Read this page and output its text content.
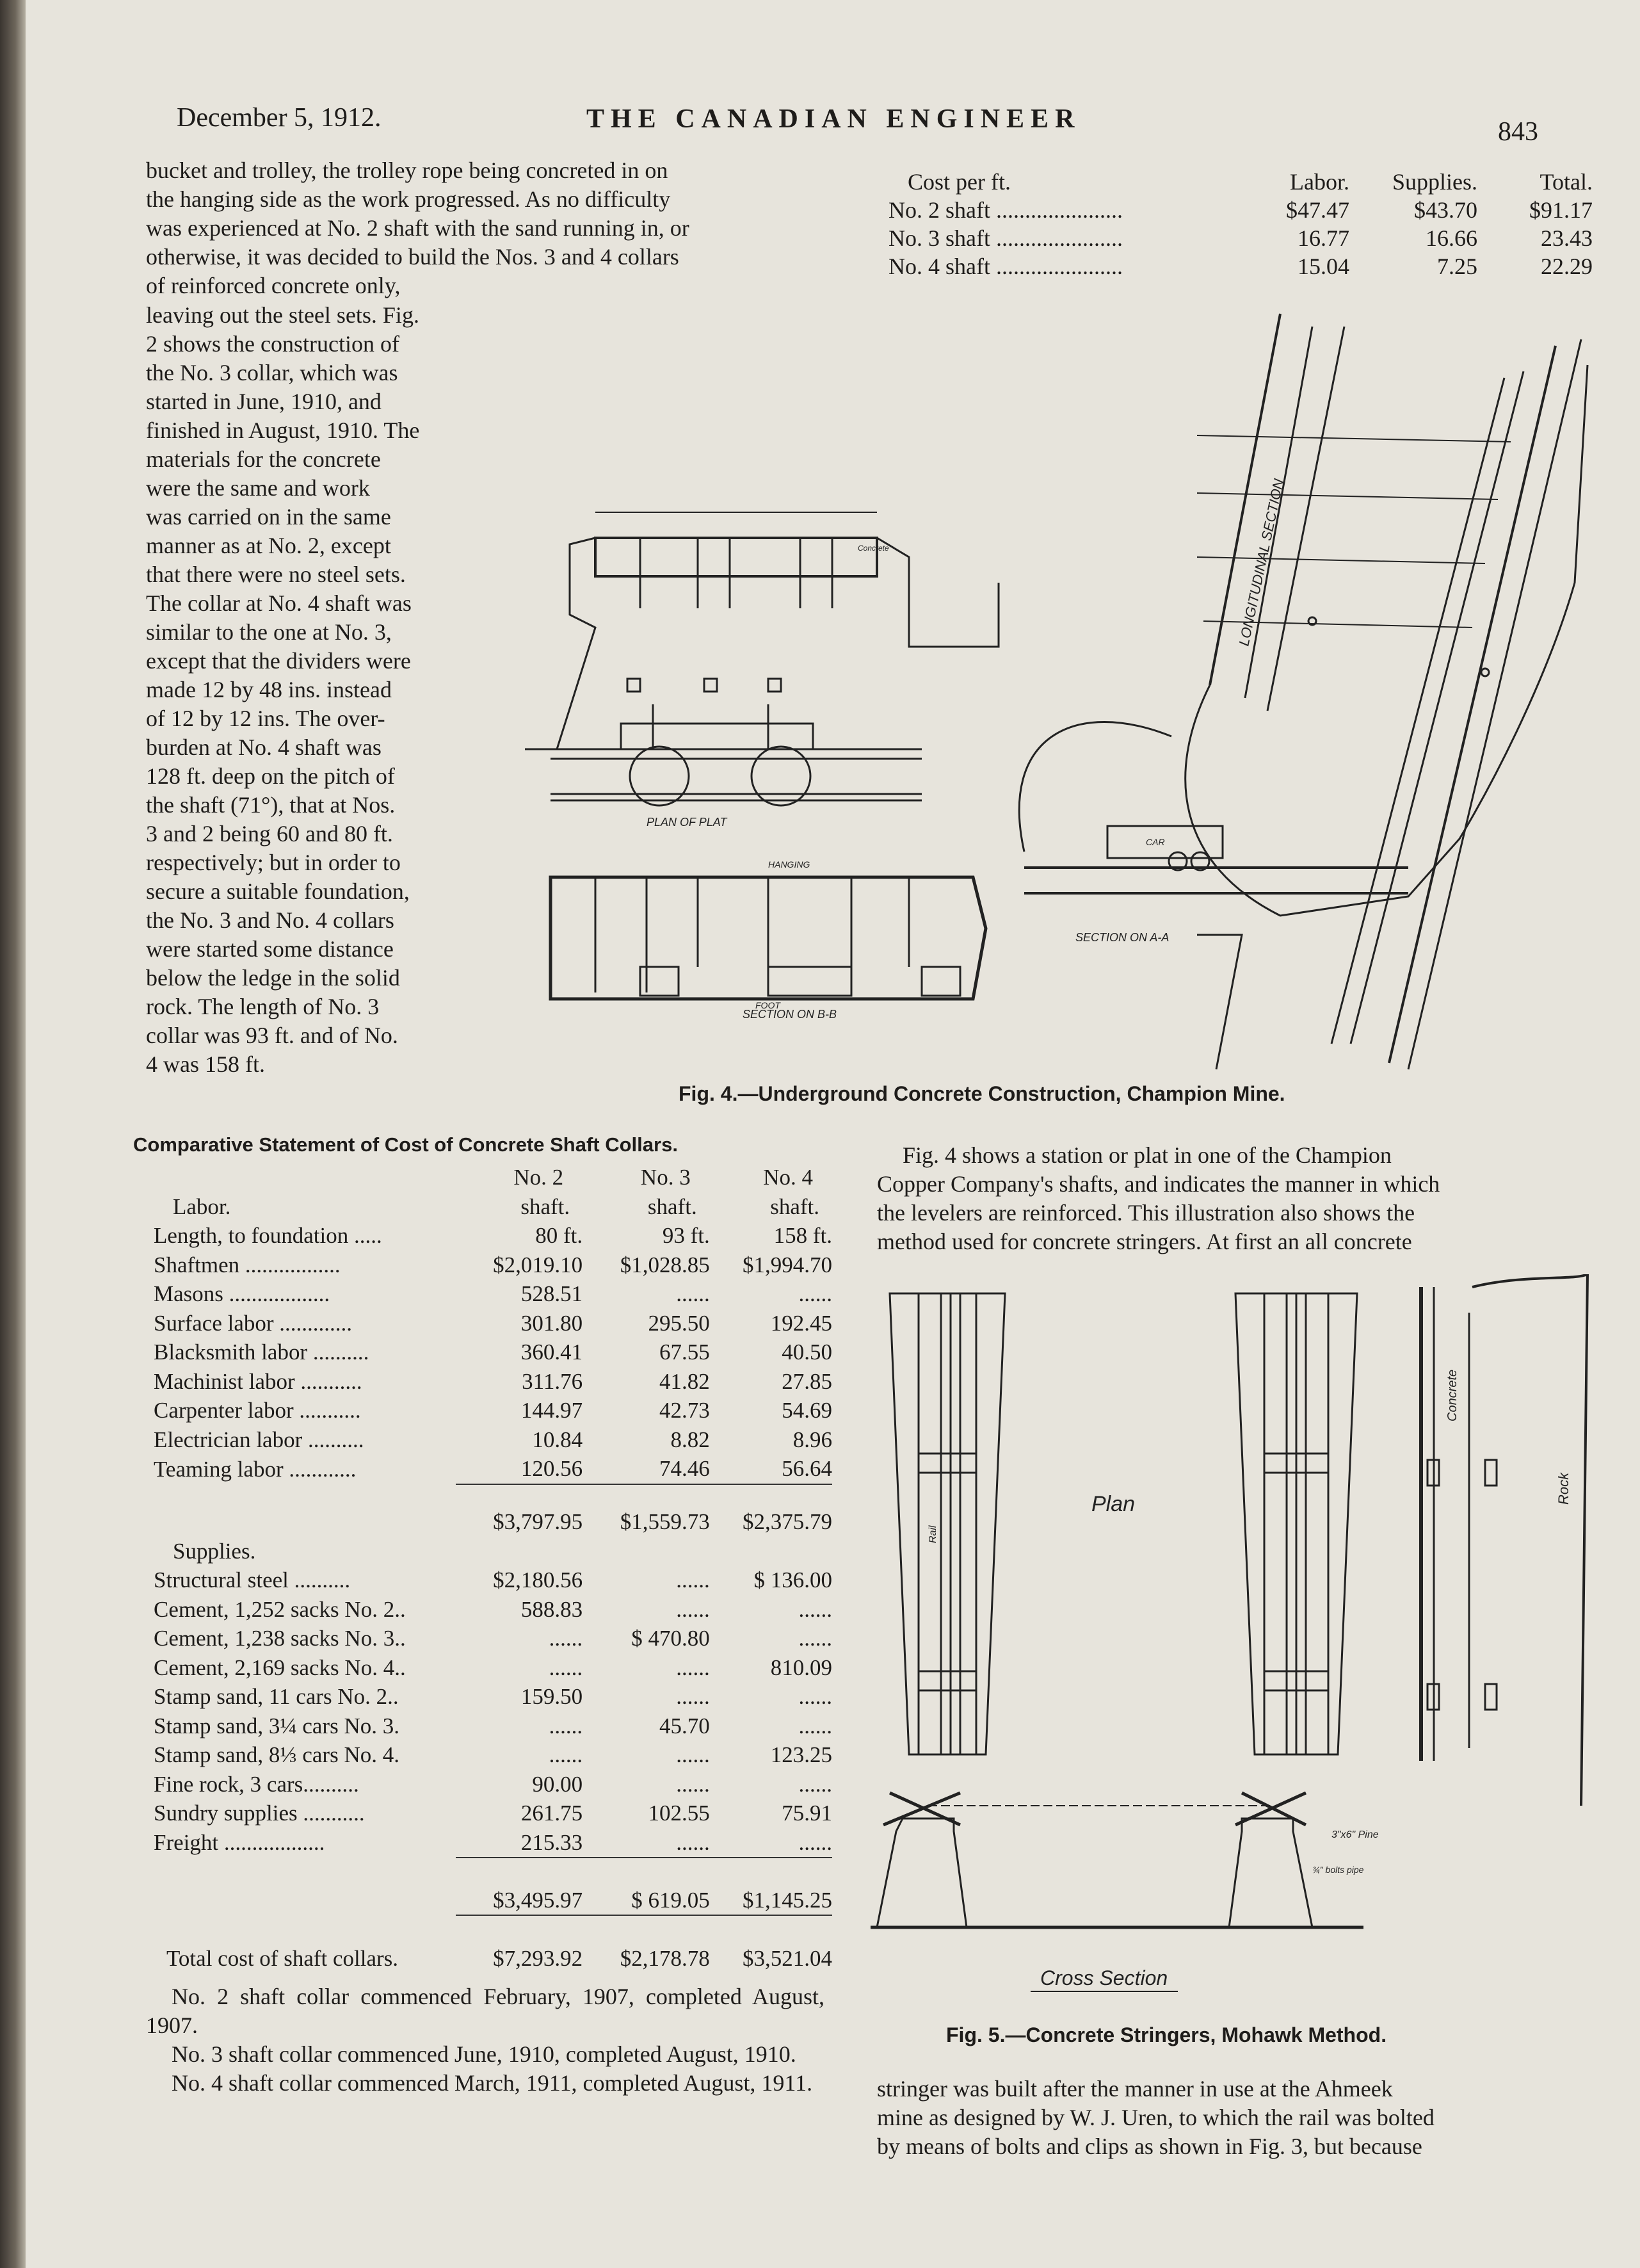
December 5, 1912.	THE CANADIAN ENGINEER	843

bucket and trolley, the trolley rope being concreted in on

the hanging side as the work progressed. As no difficulty

was experienced at No. 2 shaft with the sand running in, or

otherwise, it was decided to build the Nos. 3 and 4 collars

of reinforced concrete only,

leaving out the steel sets. Fig.

2 shows the construction of

the No. 3 collar, which was

started in June, 1910, and

finished in August, 1910. The

materials for the concrete

were the same and work

was carried on in the same

manner as at No. 2, except

that there were no steel sets.

The collar at No. 4 shaft was

similar to the one at No. 3,

except that the dividers were

made 12 by 48 ins. instead

of 12 by 12 ins. The over-

burden at No. 4 shaft was

128 ft. deep on the pitch of

the shaft (71°), that at Nos.

3 and 2 being 60 and 80 ft.

respectively; but in order to

secure a suitable foundation,

the No. 3 and No. 4 collars

were started some distance

below the ledge in the solid

rock. The length of No. 3

collar was 93 ft. and of No.

4 was 158 ft.

Cost per ft.	Labor.	Supplies.	Total.
No. 2 shaft ......................	$47.47	$43.70	$91.17
No. 3 shaft ......................	16.77	16.66	23.43
No. 4 shaft ......................	15.04	7.25	22.29
PLAN OF PLAT
SECTION ON B-B
SECTION ON A-A
HANGING
FOOT
CAR
Concrete	LONGITUDINAL SECTION
Fig. 4.—Underground Concrete Construction, Champion Mine.
Comparative Statement of Cost of Concrete Shaft Collars.
	No. 2	No. 3	No. 4
Labor.	shaft.	shaft.	shaft.
Length, to foundation .....	80 ft.	93 ft.	158 ft.
Shaftmen .................	$2,019.10	$1,028.85	$1,994.70
Masons ..................	528.51	......	......
Surface labor .............	301.80	295.50	192.45
Blacksmith labor ..........	360.41	67.55	40.50
Machinist labor ...........	311.76	41.82	27.85
Carpenter labor ...........	144.97	42.73	54.69
Electrician labor ..........	10.84	8.82	8.96
Teaming labor ............	120.56	74.46	56.64
	$3,797.95	$1,559.73	$2,375.79
Supplies.			
Structural steel ..........	$2,180.56	......	$ 136.00
Cement, 1,252 sacks No. 2..	588.83	......	......
Cement, 1,238 sacks No. 3..	......	$ 470.80	......
Cement, 2,169 sacks No. 4..	......	......	810.09
Stamp sand, 11 cars No. 2..	159.50	......	......
Stamp sand, 3¼ cars No. 3.	......	45.70	......
Stamp sand, 8⅓ cars No. 4.	......	......	123.25
Fine rock, 3 cars..........	90.00	......	......
Sundry supplies ...........	261.75	102.55	75.91
Freight ..................	215.33	......	......
	$3,495.97	$ 619.05	$1,145.25
Total cost of shaft collars.	$7,293.92	$2,178.78	$3,521.04

No. 2 shaft collar commenced February, 1907, completed August, 1907.

No. 3 shaft collar commenced June, 1910, completed August, 1910.

No. 4 shaft collar commenced March, 1911, completed August, 1911.

Fig. 4 shows a station or plat in one of the Champion

Copper Company's shafts, and indicates the manner in which

the levelers are reinforced. This illustration also shows the

method used for concrete stringers. At first an all concrete

Plan
Cross Section
Rock
Concrete
Rail
3"x6" Pine
¾" bolts pipe
Fig. 5.—Concrete Stringers, Mohawk Method.

stringer was built after the manner in use at the Ahmeek

mine as designed by W. J. Uren, to which the rail was bolted

by means of bolts and clips as shown in Fig. 3, but because
